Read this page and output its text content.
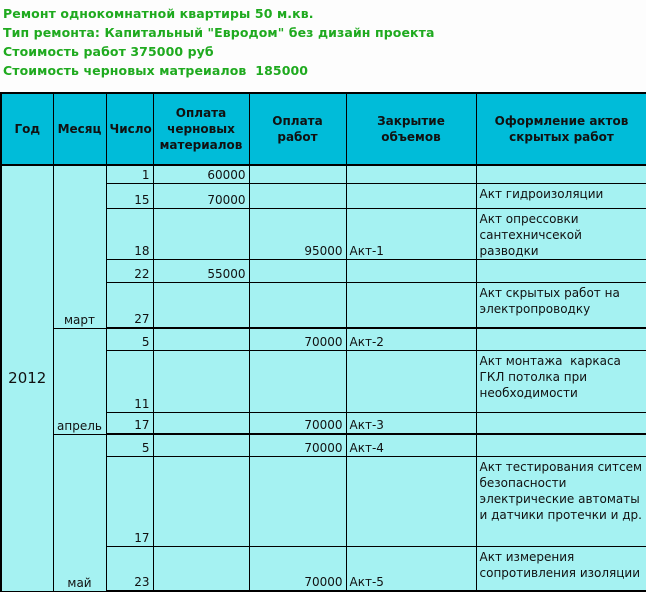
Ремонт однокомнатной квартиры 50 м.кв.
Тип ремонта: Капитальный "Евродом" без дизайн проекта
Стоимость работ 375000 руб
Стоимость черновых матреиалов  185000
Год	Месяц	Число	Оплата черновых материалов	Оплата работ	Закрытие объемов	Оформление актов скрытых работ
2012	март	1	60000			
		15	70000			Акт гидроизоляции
		18		95000	Акт-1	Акт опрессовки сантехничсекой разводки
		22	55000			
		27				Акт скрытых работ на электропроводку
	апрель	5		70000	Акт-2	
		11				Акт монтажа  каркаса ГКЛ потолка при необходимости
		17		70000	Акт-3	
	май	5		70000	Акт-4	
		17				Акт тестирования ситсем безопасности электрические автоматы и датчики протечки и др.
		23		70000	Акт-5	Акт измерения сопротивления изоляции
